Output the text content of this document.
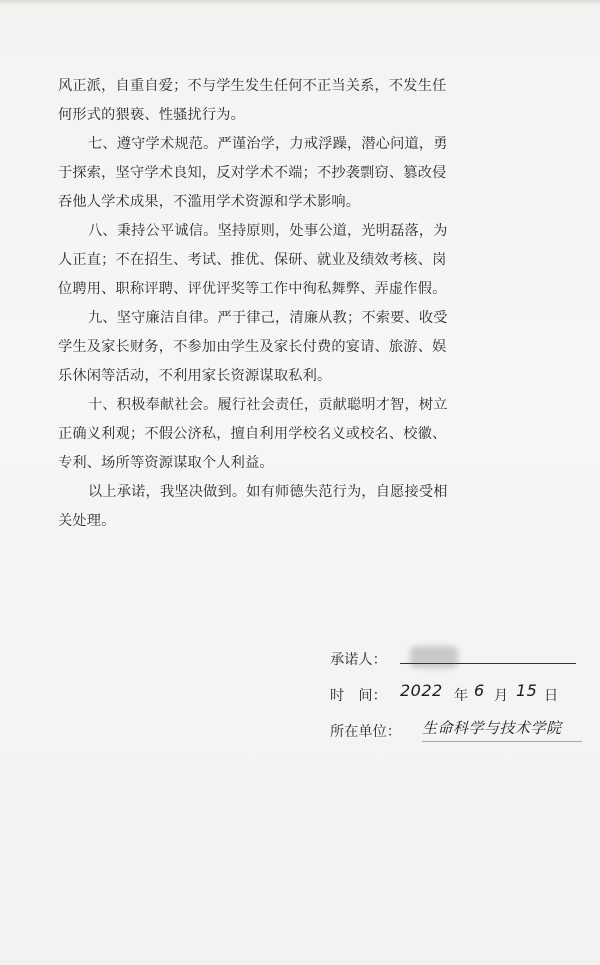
风正派，自重自爱；不与学生发生任何不正当关系，不发生任
何形式的猥亵、性骚扰行为。
七、遵守学术规范。严谨治学，力戒浮躁，潜心问道，勇
于探索，坚守学术良知，反对学术不端；不抄袭剽窃、篡改侵
吞他人学术成果，不滥用学术资源和学术影响。
八、秉持公平诚信。坚持原则，处事公道，光明磊落，为
人正直；不在招生、考试、推优、保研、就业及绩效考核、岗
位聘用、职称评聘、评优评奖等工作中徇私舞弊、弄虚作假。
九、坚守廉洁自律。严于律己，清廉从教；不索要、收受
学生及家长财务，不参加由学生及家长付费的宴请、旅游、娱
乐休闲等活动，不利用家长资源谋取私利。
十、积极奉献社会。履行社会责任，贡献聪明才智，树立
正确义利观；不假公济私，擅自利用学校名义或校名、校徽、
专利、场所等资源谋取个人利益。
以上承诺，我坚决做到。如有师德失范行为，自愿接受相
关处理。
承诺人：
时　间： 2022 年 6 月 15 日
所在单位： 生命科学与技术学院
